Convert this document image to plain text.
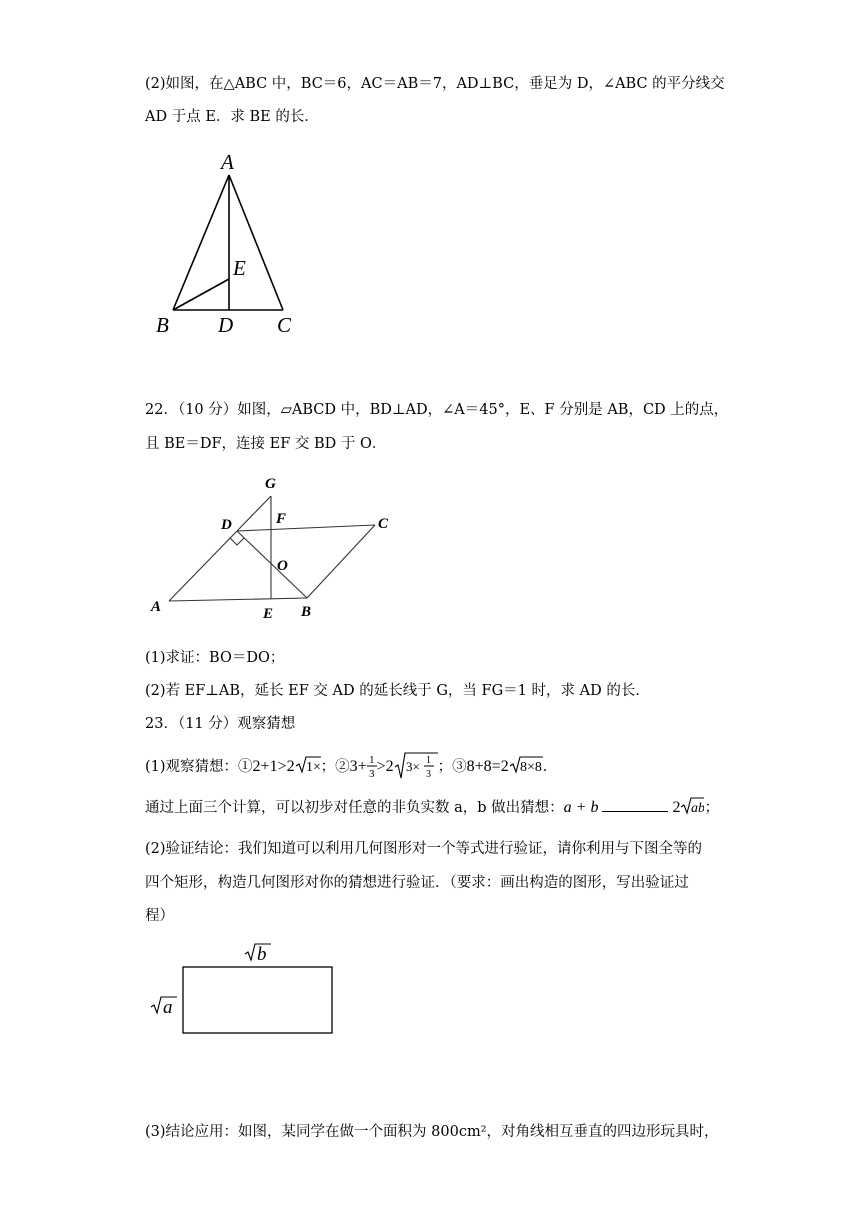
(2)如图，在△ABC 中，BC＝6，AC＝AB＝7，AD⊥BC，垂足为 D，∠ABC 的平分线交
AD 于点 E．求 BE 的长．
A
E
B D C
22．（10 分）如图，▱ABCD 中，BD⊥AD，∠A＝45°，E、F 分别是 AB，CD 上的点，
且 BE＝DF，连接 EF 交 BD 于 O．
G
D	F	C
O
A	E B
(1)求证：BO＝DO；
(2)若 EF⊥AB，延长 EF 交 AD 的延长线于 G，当 FG＝1 时，求 AD 的长．
23．（11 分）观察猜想
(1)观察猜想：①2+1>2 1× ；②3+ 1
3 >2 3× 1
3 ；③8+8=2 8×8 ．
通过上面三个计算，可以初步对任意的非负实数 a，b 做出猜想：a + b	2 ab ；
(2)验证结论：我们知道可以利用几何图形对一个等式进行验证，请你利用与下图全等的
四个矩形，构造几何图形对你的猜想进行验证．（要求：画出构造的图形，写出验证过
程）
b
a
(3)结论应用：如图，某同学在做一个面积为 800cm²，对角线相互垂直的四边形玩具时，
